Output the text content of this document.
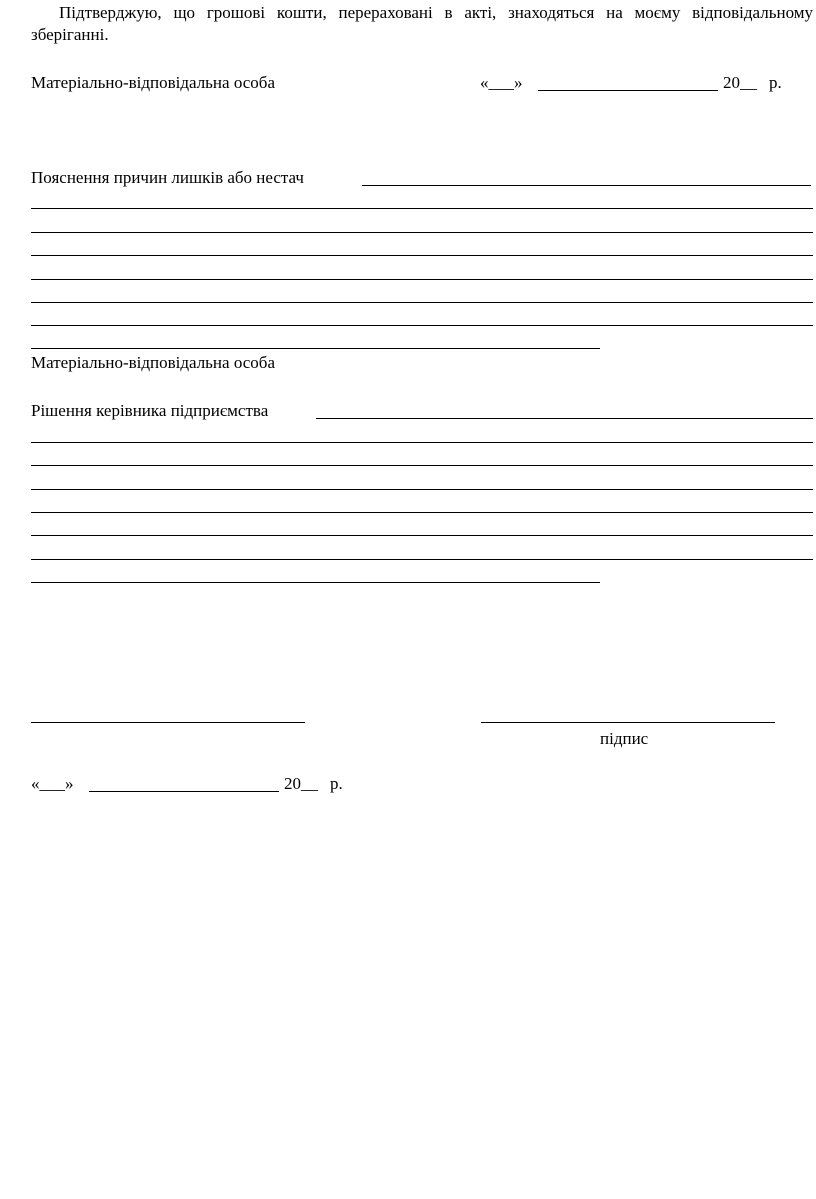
Підтверджую, що грошові кошти, перераховані в акті, знаходяться на моєму відповідальному зберіганні.
Матеріально-відповідальна особа	«___»	20__ р.
Пояснення причин лишків або нестач
Матеріально-відповідальна особа
Рішення керівника підприємства
підпис
«___»	20__ р.
